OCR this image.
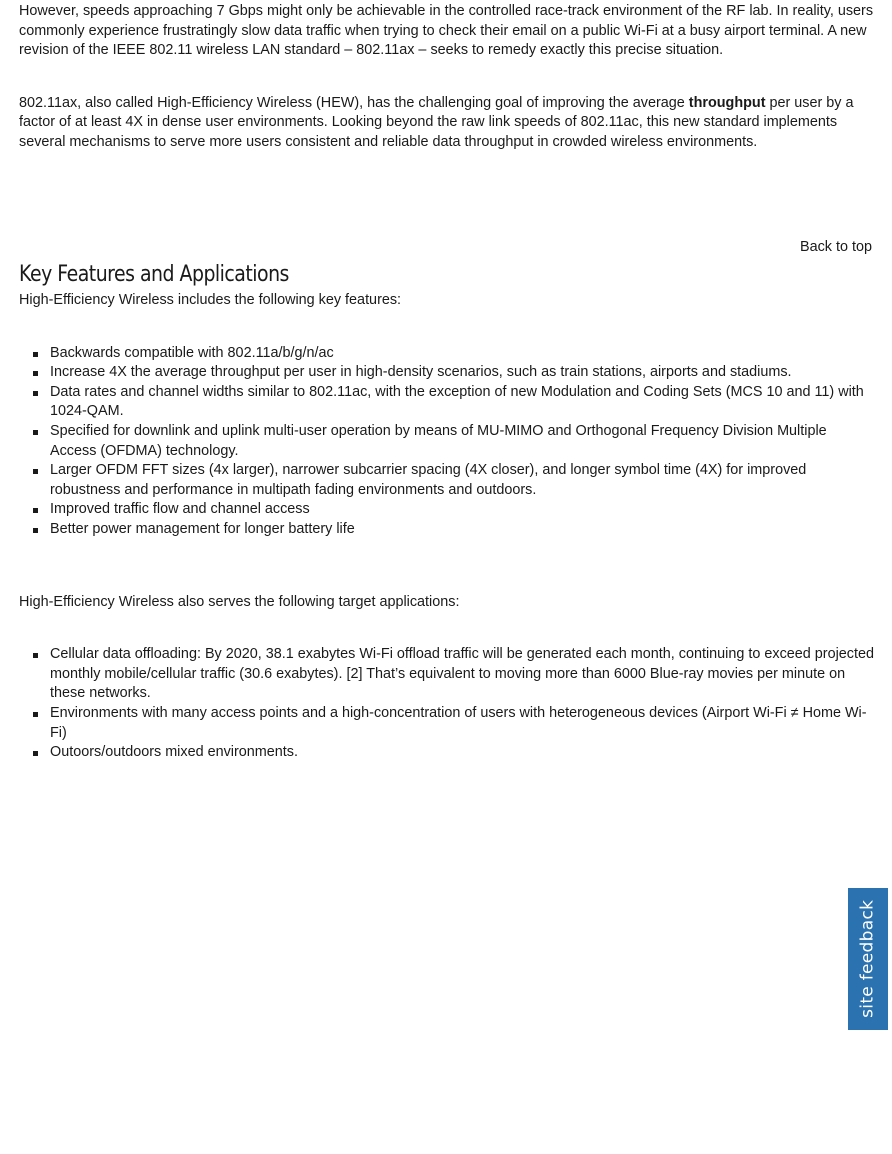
However, speeds approaching 7 Gbps might only be achievable in the controlled race-track environment of the RF lab. In reality, users commonly experience frustratingly slow data traffic when trying to check their email on a public Wi-Fi at a busy airport terminal. A new revision of the IEEE 802.11 wireless LAN standard – 802.11ax – seeks to remedy exactly this precise situation.

802.11ax, also called High-Efficiency Wireless (HEW), has the challenging goal of improving the average throughput per user by a factor of at least 4X in dense user environments. Looking beyond the raw link speeds of 802.11ac, this new standard implements several mechanisms to serve more users consistent and reliable data throughput in crowded wireless environments.

Back to top
Key Features and Applications

High-Efficiency Wireless includes the following key features:

Backwards compatible with 802.11a/b/g/n/ac
Increase 4X the average throughput per user in high-density scenarios, such as train stations, airports and stadiums.
Data rates and channel widths similar to 802.11ac, with the exception of new Modulation and Coding Sets (MCS 10 and 11) with 1024-QAM.
Specified for downlink and uplink multi-user operation by means of MU-MIMO and Orthogonal Frequency Division Multiple Access (OFDMA) technology.
Larger OFDM FFT sizes (4x larger), narrower subcarrier spacing (4X closer), and longer symbol time (4X) for improved robustness and performance in multipath fading environments and outdoors.
Improved traffic flow and channel access
Better power management for longer battery life

High-Efficiency Wireless also serves the following target applications:

Cellular data offloading: By 2020, 38.1 exabytes Wi-Fi offload traffic will be generated each month, continuing to exceed projected monthly mobile/cellular traffic (30.6 exabytes). [2] That’s equivalent to moving more than 6000 Blue-ray movies per minute on these networks.
Environments with many access points and a high-concentration of users with heterogeneous devices (Airport Wi-Fi ≠ Home Wi-Fi)
Outoors/outdoors mixed environments.
site feedback
